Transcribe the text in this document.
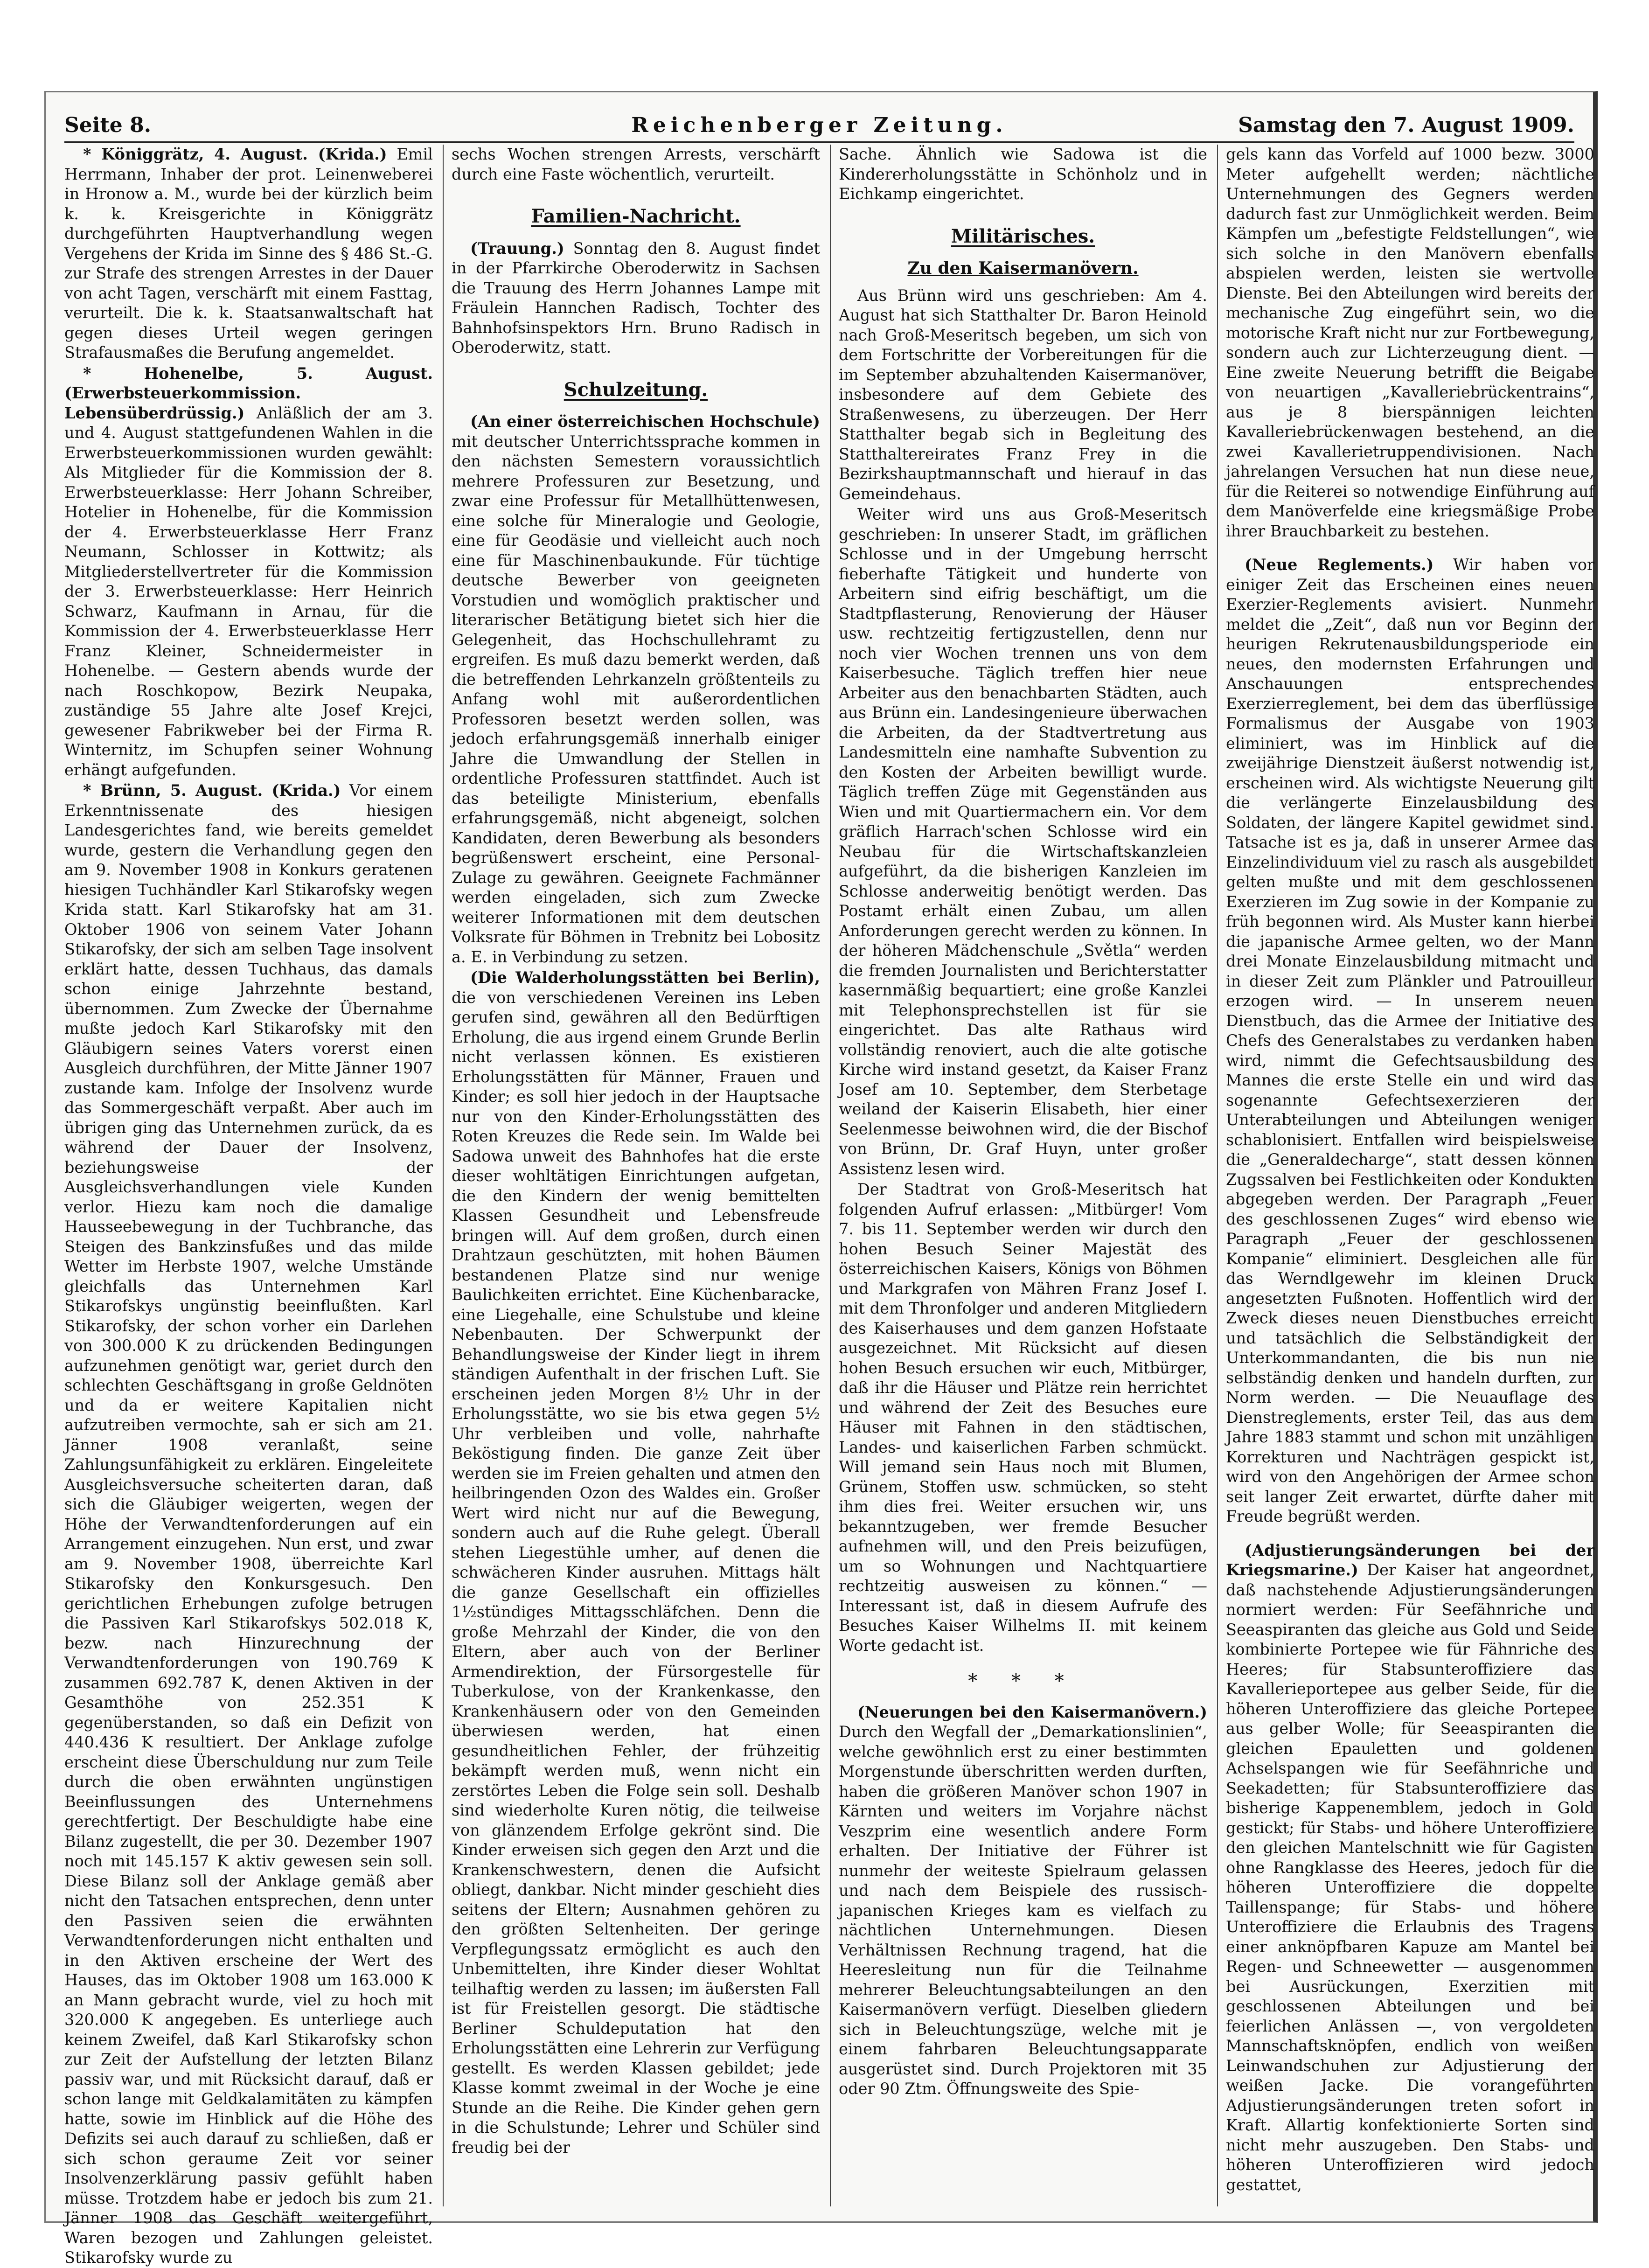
Seite 8.	Reichenberger Zeitung.	Samstag den 7. August 1909.

* Königgrätz, 4. August. (Krida.) Emil Herrmann, Inhaber der prot. Leinenweberei in Hronow a. M., wurde bei der kürzlich beim k. k. Kreisgerichte in Königgrätz durchgeführten Hauptverhandlung wegen Vergehens der Krida im Sinne des § 486 St.-G. zur Strafe des strengen Arrestes in der Dauer von acht Tagen, verschärft mit einem Fasttag, verurteilt. Die k. k. Staatsanwaltschaft hat gegen dieses Urteil wegen geringen Strafausmaßes die Berufung angemeldet.

* Hohenelbe, 5. August. (Erwerbsteuerkommission. Lebensüberdrüssig.) Anläßlich der am 3. und 4. August stattgefundenen Wahlen in die Erwerbsteuerkommissionen wurden gewählt: Als Mitglieder für die Kommission der 8. Erwerbsteuerklasse: Herr Johann Schreiber, Hotelier in Hohenelbe, für die Kommission der 4. Erwerbsteuerklasse Herr Franz Neumann, Schlosser in Kottwitz; als Mitgliederstellvertreter für die Kommission der 3. Erwerbsteuerklasse: Herr Heinrich Schwarz, Kaufmann in Arnau, für die Kommission der 4. Erwerbsteuerklasse Herr Franz Kleiner, Schneidermeister in Hohenelbe. — Gestern abends wurde der nach Roschkopow, Bezirk Neupaka, zuständige 55 Jahre alte Josef Krejci, gewesener Fabrikweber bei der Firma R. Winternitz, im Schupfen seiner Wohnung erhängt aufgefunden.

* Brünn, 5. August. (Krida.) Vor einem Erkenntnissenate des hiesigen Landesgerichtes fand, wie bereits gemeldet wurde, gestern die Verhandlung gegen den am 9. November 1908 in Konkurs geratenen hiesigen Tuchhändler Karl Stikarofsky wegen Krida statt. Karl Stikarofsky hat am 31. Oktober 1906 von seinem Vater Johann Stikarofsky, der sich am selben Tage insolvent erklärt hatte, dessen Tuchhaus, das damals schon einige Jahrzehnte bestand, übernommen. Zum Zwecke der Übernahme mußte jedoch Karl Stikarofsky mit den Gläubigern seines Vaters vorerst einen Ausgleich durchführen, der Mitte Jänner 1907 zustande kam. Infolge der Insolvenz wurde das Sommergeschäft verpaßt. Aber auch im übrigen ging das Unternehmen zurück, da es während der Dauer der Insolvenz, beziehungsweise der Ausgleichsverhandlungen viele Kunden verlor. Hiezu kam noch die damalige Hausseebewegung in der Tuchbranche, das Steigen des Bankzinsfußes und das milde Wetter im Herbste 1907, welche Umstände gleichfalls das Unternehmen Karl Stikarofskys ungünstig beeinflußten. Karl Stikarofsky, der schon vorher ein Darlehen von 300.000 K zu drückenden Bedingungen aufzunehmen genötigt war, geriet durch den schlechten Geschäftsgang in große Geldnöten und da er weitere Kapitalien nicht aufzutreiben vermochte, sah er sich am 21. Jänner 1908 veranlaßt, seine Zahlungsunfähigkeit zu erklären. Eingeleitete Ausgleichsversuche scheiterten daran, daß sich die Gläubiger weigerten, wegen der Höhe der Verwandtenforderungen auf ein Arrangement einzugehen. Nun erst, und zwar am 9. November 1908, überreichte Karl Stikarofsky den Konkursgesuch. Den gerichtlichen Erhebungen zufolge betrugen die Passiven Karl Stikarofskys 502.018 K, bezw. nach Hinzurechnung der Verwandtenforderungen von 190.769 K zusammen 692.787 K, denen Aktiven in der Gesamthöhe von 252.351 K gegenüberstanden, so daß ein Defizit von 440.436 K resultiert. Der Anklage zufolge erscheint diese Überschuldung nur zum Teile durch die oben erwähnten ungünstigen Beeinflussungen des Unternehmens gerechtfertigt. Der Beschuldigte habe eine Bilanz zugestellt, die per 30. Dezember 1907 noch mit 145.157 K aktiv gewesen sein soll. Diese Bilanz soll der Anklage gemäß aber nicht den Tatsachen entsprechen, denn unter den Passiven seien die erwähnten Verwandtenforderungen nicht enthalten und in den Aktiven erscheine der Wert des Hauses, das im Oktober 1908 um 163.000 K an Mann gebracht wurde, viel zu hoch mit 320.000 K angegeben. Es unterliege auch keinem Zweifel, daß Karl Stikarofsky schon zur Zeit der Aufstellung der letzten Bilanz passiv war, und mit Rücksicht darauf, daß er schon lange mit Geldkalamitäten zu kämpfen hatte, sowie im Hinblick auf die Höhe des Defizits sei auch darauf zu schließen, daß er sich schon geraume Zeit vor seiner Insolvenzerklärung passiv gefühlt haben müsse. Trotzdem habe er jedoch bis zum 21. Jänner 1908 das Geschäft weitergeführt, Waren bezogen und Zahlungen geleistet. Stikarofsky wurde zu

sechs Wochen strengen Arrests, verschärft durch eine Faste wöchentlich, verurteilt.

Familien-Nachricht.

(Trauung.) Sonntag den 8. August findet in der Pfarrkirche Oberoderwitz in Sachsen die Trauung des Herrn Johannes Lampe mit Fräulein Hannchen Radisch, Tochter des Bahnhofsinspektors Hrn. Bruno Radisch in Oberoderwitz, statt.

Schulzeitung.

(An einer österreichischen Hochschule) mit deutscher Unterrichtssprache kommen in den nächsten Semestern voraussichtlich mehrere Professuren zur Besetzung, und zwar eine Professur für Metallhüttenwesen, eine solche für Mineralogie und Geologie, eine für Geodäsie und vielleicht auch noch eine für Maschinenbaukunde. Für tüchtige deutsche Bewerber von geeigneten Vorstudien und womöglich praktischer und literarischer Betätigung bietet sich hier die Gelegenheit, das Hochschullehramt zu ergreifen. Es muß dazu bemerkt werden, daß die betreffenden Lehrkanzeln größtenteils zu Anfang wohl mit außerordentlichen Professoren besetzt werden sollen, was jedoch erfahrungsgemäß innerhalb einiger Jahre die Umwandlung der Stellen in ordentliche Professuren stattfindet. Auch ist das beteiligte Ministerium, ebenfalls erfahrungsgemäß, nicht abgeneigt, solchen Kandidaten, deren Bewerbung als besonders begrüßenswert erscheint, eine Personal-Zulage zu gewähren. Geeignete Fachmänner werden eingeladen, sich zum Zwecke weiterer Informationen mit dem deutschen Volksrate für Böhmen in Trebnitz bei Lobositz a. E. in Verbindung zu setzen.

(Die Walderholungsstätten bei Berlin), die von verschiedenen Vereinen ins Leben gerufen sind, gewähren all den Bedürftigen Erholung, die aus irgend einem Grunde Berlin nicht verlassen können. Es existieren Erholungsstätten für Männer, Frauen und Kinder; es soll hier jedoch in der Hauptsache nur von den Kinder-Erholungsstätten des Roten Kreuzes die Rede sein. Im Walde bei Sadowa unweit des Bahnhofes hat die erste dieser wohltätigen Einrichtungen aufgetan, die den Kindern der wenig bemittelten Klassen Gesundheit und Lebensfreude bringen will. Auf dem großen, durch einen Drahtzaun geschützten, mit hohen Bäumen bestandenen Platze sind nur wenige Baulichkeiten errichtet. Eine Küchenbaracke, eine Liegehalle, eine Schulstube und kleine Nebenbauten. Der Schwerpunkt der Behandlungsweise der Kinder liegt in ihrem ständigen Aufenthalt in der frischen Luft. Sie erscheinen jeden Morgen 8½ Uhr in der Erholungsstätte, wo sie bis etwa gegen 5½ Uhr verbleiben und volle, nahrhafte Beköstigung finden. Die ganze Zeit über werden sie im Freien gehalten und atmen den heilbringenden Ozon des Waldes ein. Großer Wert wird nicht nur auf die Bewegung, sondern auch auf die Ruhe gelegt. Überall stehen Liegestühle umher, auf denen die schwächeren Kinder ausruhen. Mittags hält die ganze Gesellschaft ein offizielles 1½stündiges Mittagsschläfchen. Denn die große Mehrzahl der Kinder, die von den Eltern, aber auch von der Berliner Armendirektion, der Fürsorgestelle für Tuberkulose, von der Krankenkasse, den Krankenhäusern oder von den Gemeinden überwiesen werden, hat einen gesundheitlichen Fehler, der frühzeitig bekämpft werden muß, wenn nicht ein zerstörtes Leben die Folge sein soll. Deshalb sind wiederholte Kuren nötig, die teilweise von glänzendem Erfolge gekrönt sind. Die Kinder erweisen sich gegen den Arzt und die Krankenschwestern, denen die Aufsicht obliegt, dankbar. Nicht minder geschieht dies seitens der Eltern; Ausnahmen gehören zu den größten Seltenheiten. Der geringe Verpflegungssatz ermöglicht es auch den Unbemittelten, ihre Kinder dieser Wohltat teilhaftig werden zu lassen; im äußersten Fall ist für Freistellen gesorgt. Die städtische Berliner Schuldeputation hat den Erholungsstätten eine Lehrerin zur Verfügung gestellt. Es werden Klassen gebildet; jede Klasse kommt zweimal in der Woche je eine Stunde an die Reihe. Die Kinder gehen gern in die Schulstunde; Lehrer und Schüler sind freudig bei der

Sache. Ähnlich wie Sadowa ist die Kindererholungsstätte in Schönholz und in Eichkamp eingerichtet.

Militärisches.
Zu den Kaisermanövern.

Aus Brünn wird uns geschrieben: Am 4. August hat sich Statthalter Dr. Baron Heinold nach Groß-Meseritsch begeben, um sich von dem Fortschritte der Vorbereitungen für die im September abzuhaltenden Kaisermanöver, insbesondere auf dem Gebiete des Straßenwesens, zu überzeugen. Der Herr Statthalter begab sich in Begleitung des Statthaltereirates Franz Frey in die Bezirkshauptmannschaft und hierauf in das Gemeindehaus.

Weiter wird uns aus Groß-Meseritsch geschrieben: In unserer Stadt, im gräflichen Schlosse und in der Umgebung herrscht fieberhafte Tätigkeit und hunderte von Arbeitern sind eifrig beschäftigt, um die Stadtpflasterung, Renovierung der Häuser usw. rechtzeitig fertigzustellen, denn nur noch vier Wochen trennen uns von dem Kaiserbesuche. Täglich treffen hier neue Arbeiter aus den benachbarten Städten, auch aus Brünn ein. Landesingenieure überwachen die Arbeiten, da der Stadtvertretung aus Landesmitteln eine namhafte Subvention zu den Kosten der Arbeiten bewilligt wurde. Täglich treffen Züge mit Gegenständen aus Wien und mit Quartiermachern ein. Vor dem gräflich Harrach'schen Schlosse wird ein Neubau für die Wirtschaftskanzleien aufgeführt, da die bisherigen Kanzleien im Schlosse anderweitig benötigt werden. Das Postamt erhält einen Zubau, um allen Anforderungen gerecht werden zu können. In der höheren Mädchenschule „Světla“ werden die fremden Journalisten und Berichterstatter kasernmäßig bequartiert; eine große Kanzlei mit Telephonsprechstellen ist für sie eingerichtet. Das alte Rathaus wird vollständig renoviert, auch die alte gotische Kirche wird instand gesetzt, da Kaiser Franz Josef am 10. September, dem Sterbetage weiland der Kaiserin Elisabeth, hier einer Seelenmesse beiwohnen wird, die der Bischof von Brünn, Dr. Graf Huyn, unter großer Assistenz lesen wird.

Der Stadtrat von Groß-Meseritsch hat folgenden Aufruf erlassen: „Mitbürger! Vom 7. bis 11. September werden wir durch den hohen Besuch Seiner Majestät des österreichischen Kaisers, Königs von Böhmen und Markgrafen von Mähren Franz Josef I. mit dem Thronfolger und anderen Mitgliedern des Kaiserhauses und dem ganzen Hofstaate ausgezeichnet. Mit Rücksicht auf diesen hohen Besuch ersuchen wir euch, Mitbürger, daß ihr die Häuser und Plätze rein herrichtet und während der Zeit des Besuches eure Häuser mit Fahnen in den städtischen, Landes- und kaiserlichen Farben schmückt. Will jemand sein Haus noch mit Blumen, Grünem, Stoffen usw. schmücken, so steht ihm dies frei. Weiter ersuchen wir, uns bekanntzugeben, wer fremde Besucher aufnehmen will, und den Preis beizufügen, um so Wohnungen und Nachtquartiere rechtzeitig ausweisen zu können.“ — Interessant ist, daß in diesem Aufrufe des Besuches Kaiser Wilhelms II. mit keinem Worte gedacht ist.

* * *

(Neuerungen bei den Kaisermanövern.) Durch den Wegfall der „Demarkationslinien“, welche gewöhnlich erst zu einer bestimmten Morgenstunde überschritten werden durften, haben die größeren Manöver schon 1907 in Kärnten und weiters im Vorjahre nächst Veszprim eine wesentlich andere Form erhalten. Der Initiative der Führer ist nunmehr der weiteste Spielraum gelassen und nach dem Beispiele des russisch-japanischen Krieges kam es vielfach zu nächtlichen Unternehmungen. Diesen Verhältnissen Rechnung tragend, hat die Heeresleitung nun für die Teilnahme mehrerer Beleuchtungsabteilungen an den Kaisermanövern verfügt. Dieselben gliedern sich in Beleuchtungszüge, welche mit je einem fahrbaren Beleuchtungsapparate ausgerüstet sind. Durch Projektoren mit 35 oder 90 Ztm. Öffnungsweite des Spie-

gels kann das Vorfeld auf 1000 bezw. 3000 Meter aufgehellt werden; nächtliche Unternehmungen des Gegners werden dadurch fast zur Unmöglichkeit werden. Beim Kämpfen um „befestigte Feldstellungen“, wie sich solche in den Manövern ebenfalls abspielen werden, leisten sie wertvolle Dienste. Bei den Abteilungen wird bereits der mechanische Zug eingeführt sein, wo die motorische Kraft nicht nur zur Fortbewegung, sondern auch zur Lichterzeugung dient. — Eine zweite Neuerung betrifft die Beigabe von neuartigen „Kavalleriebrückentrains“, aus je 8 bierspännigen leichten Kavalleriebrückenwagen bestehend, an die zwei Kavallerietruppendivisionen. Nach jahrelangen Versuchen hat nun diese neue, für die Reiterei so notwendige Einführung auf dem Manöverfelde eine kriegsmäßige Probe ihrer Brauchbarkeit zu bestehen.

(Neue Reglements.) Wir haben vor einiger Zeit das Erscheinen eines neuen Exerzier-Reglements avisiert. Nunmehr meldet die „Zeit“, daß nun vor Beginn der heurigen Rekrutenausbildungsperiode ein neues, den modernsten Erfahrungen und Anschauungen entsprechendes Exerzierreglement, bei dem das überflüssige Formalismus der Ausgabe von 1903 eliminiert, was im Hinblick auf die zweijährige Dienstzeit äußerst notwendig ist, erscheinen wird. Als wichtigste Neuerung gilt die verlängerte Einzelausbildung des Soldaten, der längere Kapitel gewidmet sind. Tatsache ist es ja, daß in unserer Armee das Einzelindividuum viel zu rasch als ausgebildet gelten mußte und mit dem geschlossenen Exerzieren im Zug sowie in der Kompanie zu früh begonnen wird. Als Muster kann hierbei die japanische Armee gelten, wo der Mann drei Monate Einzelausbildung mitmacht und in dieser Zeit zum Plänkler und Patrouilleur erzogen wird. — In unserem neuen Dienstbuch, das die Armee der Initiative des Chefs des Generalstabes zu verdanken haben wird, nimmt die Gefechtsausbildung des Mannes die erste Stelle ein und wird das sogenannte Gefechtsexerzieren der Unterabteilungen und Abteilungen weniger schablonisiert. Entfallen wird beispielsweise die „Generaldecharge“, statt dessen können Zugssalven bei Festlichkeiten oder Kondukten abgegeben werden. Der Paragraph „Feuer des geschlossenen Zuges“ wird ebenso wie Paragraph „Feuer der geschlossenen Kompanie“ eliminiert. Desgleichen alle für das Werndlgewehr im kleinen Druck angesetzten Fußnoten. Hoffentlich wird der Zweck dieses neuen Dienstbuches erreicht und tatsächlich die Selbständigkeit der Unterkommandanten, die bis nun nie selbständig denken und handeln durften, zur Norm werden. — Die Neuauflage des Dienstreglements, erster Teil, das aus dem Jahre 1883 stammt und schon mit unzähligen Korrekturen und Nachträgen gespickt ist, wird von den Angehörigen der Armee schon seit langer Zeit erwartet, dürfte daher mit Freude begrüßt werden.

(Adjustierungsänderungen bei der Kriegsmarine.) Der Kaiser hat angeordnet, daß nachstehende Adjustierungsänderungen normiert werden: Für Seefähnriche und Seeaspiranten das gleiche aus Gold und Seide kombinierte Portepee wie für Fähnriche des Heeres; für Stabsunteroffiziere das Kavallerieportepee aus gelber Seide, für die höheren Unteroffiziere das gleiche Portepee aus gelber Wolle; für Seeaspiranten die gleichen Epauletten und goldenen Achselspangen wie für Seefähnriche und Seekadetten; für Stabsunteroffiziere das bisherige Kappenemblem, jedoch in Gold gestickt; für Stabs- und höhere Unteroffiziere den gleichen Mantelschnitt wie für Gagisten ohne Rangklasse des Heeres, jedoch für die höheren Unteroffiziere die doppelte Taillenspange; für Stabs- und höhere Unteroffiziere die Erlaubnis des Tragens einer anknöpfbaren Kapuze am Mantel bei Regen- und Schneewetter — ausgenommen bei Ausrückungen, Exerzitien mit geschlossenen Abteilungen und bei feierlichen Anlässen —, von vergoldeten Mannschaftsknöpfen, endlich von weißen Leinwandschuhen zur Adjustierung der weißen Jacke. Die vorangeführten Adjustierungsänderungen treten sofort in Kraft. Allartig konfektionierte Sorten sind nicht mehr auszugeben. Den Stabs- und höheren Unteroffizieren wird jedoch gestattet,
